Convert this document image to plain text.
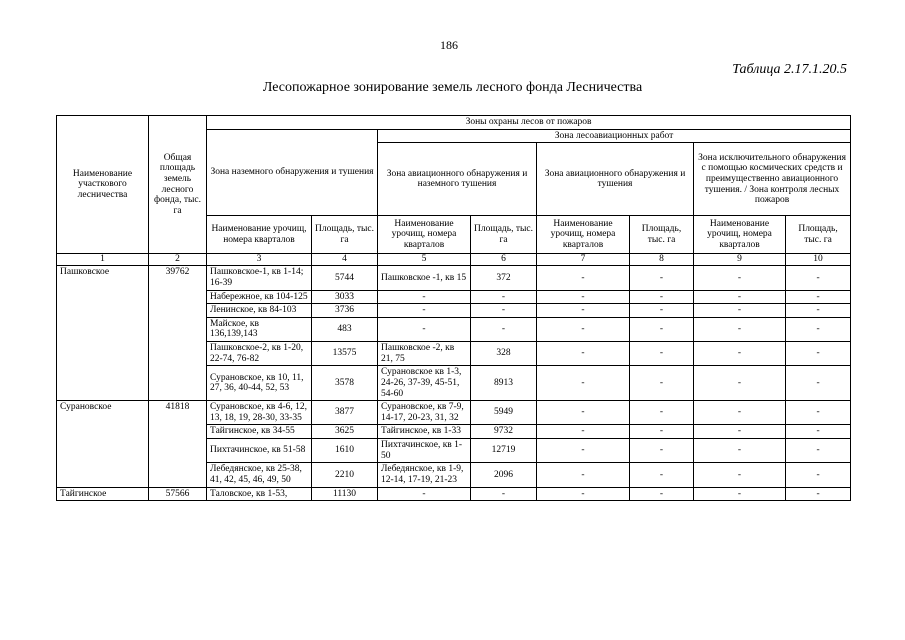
186
Таблица 2.17.1.20.5
Лесопожарное зонирование земель лесного фонда Лесничества
Наименование участкового лесничества	Общая площадь земель лесного фонда, тыс. га	Зоны охраны лесов от пожаров							
		Зона наземного обнаружения и тушения		Зона лесоавиационных работ					
				Зона авиационного обнаружения и наземного тушения		Зона авиационного обнаружения и тушения		Зона исключительного обнаружения с помощью космических средств и преимущественно авиационного тушения. / Зона контроля лесных пожаров	
		Наименование урочищ, номера кварталов	Площадь, тыс. га	Наименование урочищ, номера кварталов	Площадь, тыс. га	Наименование урочищ, номера кварталов	Площадь, тыс. га	Наименование урочищ, номера кварталов	Площадь, тыс. га
1	2	3	4	5	6	7	8	9	10
Пашковское	39762	Пашковское-1, кв 1-14; 16-39	5744	Пашковское -1, кв 15	372	-	-	-	-
		Набережное, кв 104-125	3033	-	-	-	-	-	-
		Ленинское, кв 84-103	3736	-	-	-	-	-	-
		Майское, кв 136,139,143	483	-	-	-	-	-	-
		Пашковское-2, кв 1-20, 22-74, 76-82	13575	Пашковское -2, кв 21, 75	328	-	-	-	-
		Сурановское, кв 10, 11, 27, 36, 40-44, 52, 53	3578	Сурановское кв 1-3, 24-26, 37-39, 45-51, 54-60	8913	-	-	-	-
Сурановское	41818	Сурановское, кв 4-6, 12, 13, 18, 19, 28-30, 33-35	3877	Сурановское, кв 7-9, 14-17, 20-23, 31, 32	5949	-	-	-	-
		Тайгинское, кв 34-55	3625	Тайгинское, кв 1-33	9732	-	-	-	-
		Пихтачинское, кв 51-58	1610	Пихтачинское, кв 1-50	12719	-	-	-	-
		Лебедянское, кв 25-38, 41, 42, 45, 46, 49, 50	2210	Лебедянское, кв 1-9, 12-14, 17-19, 21-23	2096	-	-	-	-
Тайгинское	57566	Таловское, кв 1-53,	11130	-	-	-	-	-	-
